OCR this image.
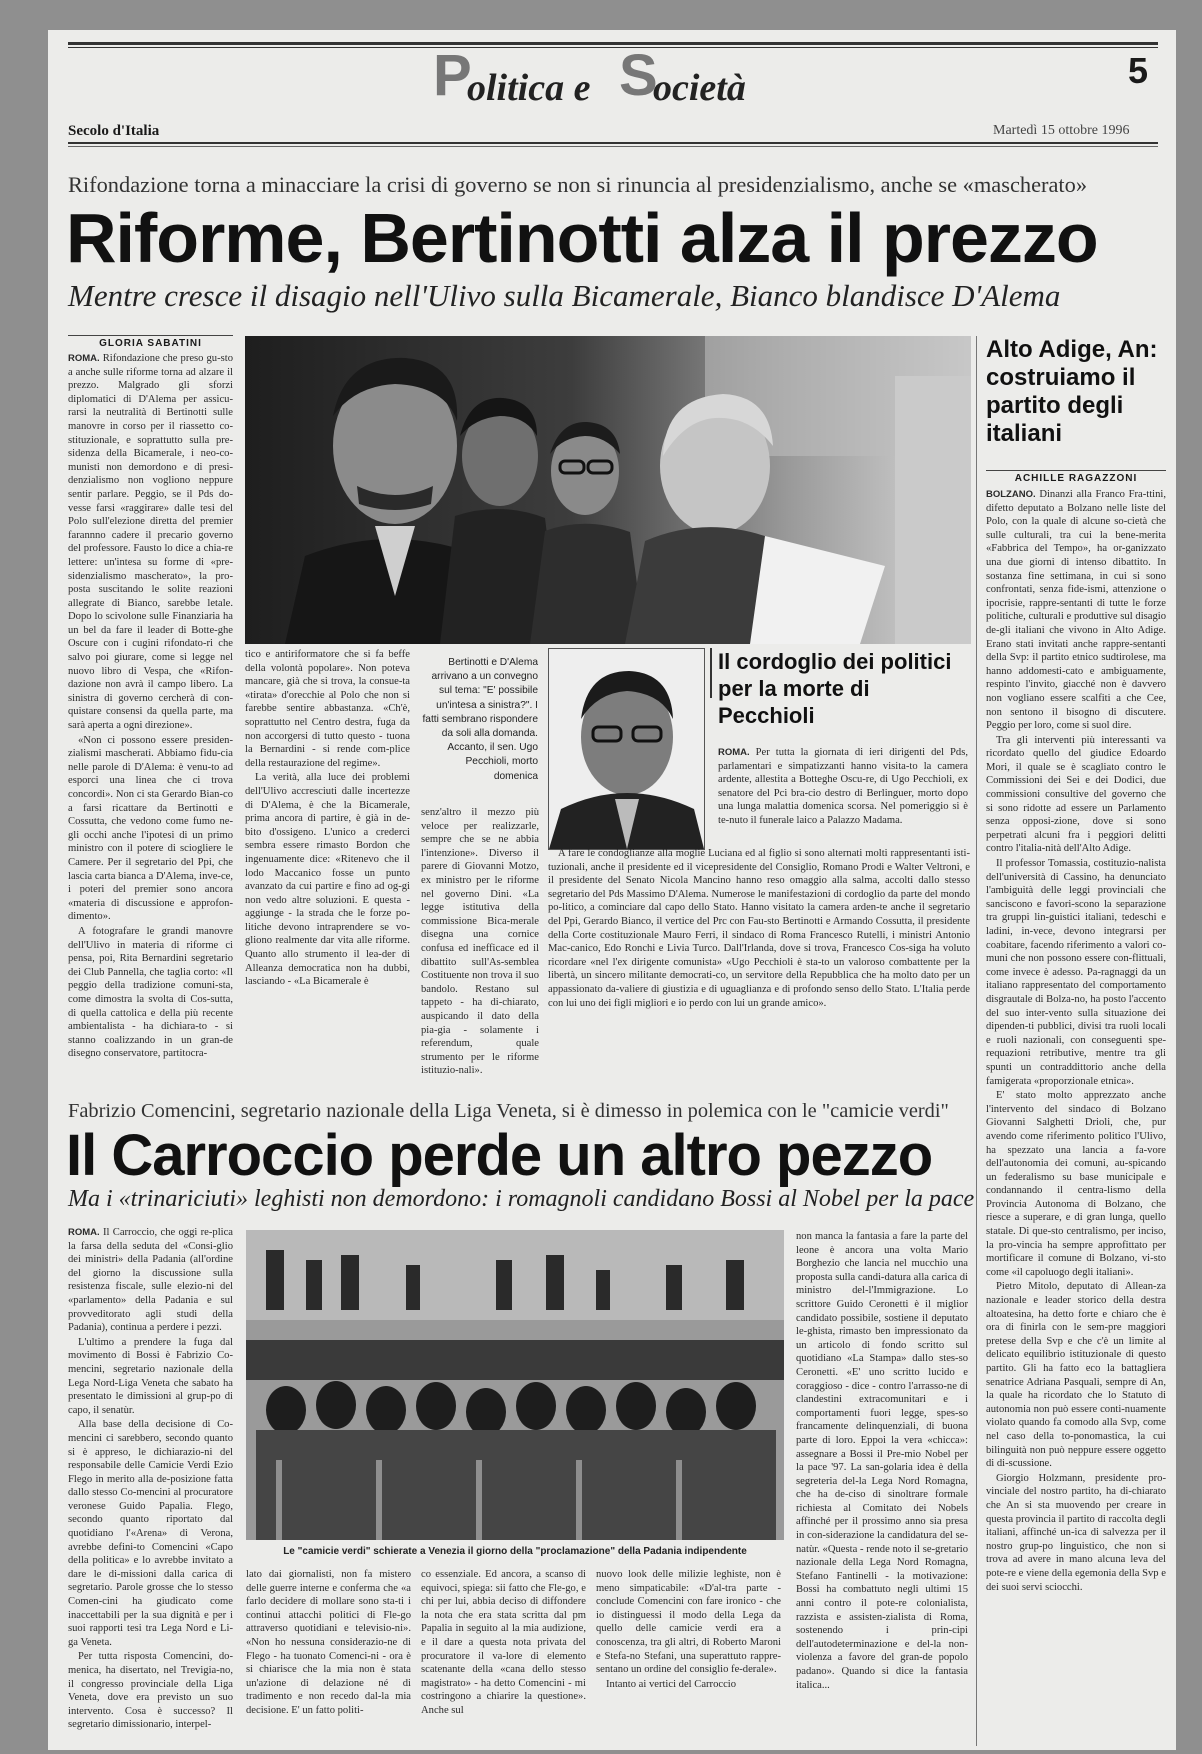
P
olitica e S
ocietà	5
Secolo d'Italia	Martedì 15 ottobre 1996
Rifondazione torna a minacciare la crisi di governo se non si rinuncia al presidenzialismo, anche se «mascherato»
Riforme, Bertinotti alza il prezzo
Mentre cresce il disagio nell'Ulivo sulla Bicamerale, Bianco blandisce D'Alema
GLORIA SABATINI

ROMA. Rifondazione che preso gu-sto a anche sulle riforme torna ad alzare il prezzo. Malgrado gli sforzi diplomatici di D'Alema per assicu-rarsi la neutralità di Bertinotti sulle manovre in corso per il riassetto co-stituzionale, e soprattutto sulla pre-sidenza della Bicamerale, i neo-co-munisti non demordono e di presi-denzialismo non vogliono neppure sentir parlare. Peggio, se il Pds do-vesse farsi «raggirare» dalle tesi del Polo sull'elezione diretta del premier farannno cadere il precario governo del professore. Fausto lo dice a chia-re lettere: un'intesa su forme di «pre-sidenzialismo mascherato», la pro-posta suscitando le solite reazioni allegrate di Bianco, sarebbe letale. Dopo lo scivolone sulle Finanziaria ha un bel da fare il leader di Botte-ghe Oscure con i cugini rifondato-ri che salvo poi giurare, come si legge nel nuovo libro di Vespa, che «Rifon-dazione non avrà il campo libero. La sinistra di governo cercherà di con-quistare consensi da quella parte, ma sarà aperta a ogni direzione».

«Non ci possono essere presiden-zialismi mascherati. Abbiamo fidu-cia nelle parole di D'Alema: è venu-to ad esporci una linea che ci trova concordi». Non ci sta Gerardo Bian-co a farsi ricattare da Bertinotti e Cossutta, che vedono come fumo ne-gli occhi anche l'ipotesi di un primo ministro con il potere di sciogliere le Camere. Per il segretario del Ppi, che lascia carta bianca a D'Alema, inve-ce, i poteri del premier sono ancora «materia di discussione e approfon-dimento».

A fotografare le grandi manovre dell'Ulivo in materia di riforme ci pensa, poi, Rita Bernardini segretario dei Club Pannella, che taglia corto: «Il peggio della tradizione comuni-sta, come dimostra la svolta di Cos-sutta, di quella cattolica e della più recente ambientalista - ha dichiara-to - si stanno coalizzando in un gran-de disegno conservatore, partitocra-

tico e antiriformatore che si fa beffe della volontà popolare». Non poteva mancare, già che si trova, la consue-ta «tirata» d'orecchie al Polo che non si farebbe sentire abbastanza. «Ch'è, soprattutto nel Centro destra, fuga da non accorgersi di tutto questo - tuona la Bernardini - si rende com-plice della restaurazione del regime».

La verità, alla luce dei problemi dell'Ulivo accresciuti dalle incertezze di D'Alema, è che la Bicamerale, prima ancora di partire, è già in de-bito d'ossigeno. L'unico a crederci sembra essere rimasto Bordon che ingenuamente dice: «Ritenevo che il lodo Maccanico fosse un punto avanzato da cui partire e fino ad og-gi non vedo altre soluzioni. E questa - aggiunge - la strada che le forze po-litiche devono intraprendere se vo-gliono realmente dar vita alle riforme. Quanto allo strumento il lea-der di Alleanza democratica non ha dubbi, lasciando - «La Bicamerale è

Bertinotti e D'Alema arrivano a un convegno sul tema: "E' possibile un'intesa a sinistra?". I fatti sembrano rispondere da soli alla domanda. Accanto, il sen. Ugo Pecchioli, morto domenica

senz'altro il mezzo più veloce per realizzarle, sempre che se ne abbia l'intenzione». Diverso il parere di Giovanni Motzo, ex ministro per le riforme nel governo Dini. «La legge istitutiva della commissione Bica-merale disegna una cornice confusa ed inefficace ed il dibattito sull'As-semblea Costituente non trova il suo bandolo. Restano sul tappeto - ha di-chiarato, auspicando il dato della pia-gia - solamente i referendum, quale strumento per le riforme istituzio-nali».

Il cordoglio dei politici per la morte di Pecchioli

ROMA. Per tutta la giornata di ieri dirigenti del Pds, parlamentari e simpatizzanti hanno visita-to la camera ardente, allestita a Botteghe Oscu-re, di Ugo Pecchioli, ex senatore del Pci bra-cio destro di Berlinguer, morto dopo una lunga malattia domenica scorsa. Nel pomeriggio si è te-nuto il funerale laico a Palazzo Madama.

A fare le condoglianze alla moglie Luciana ed al figlio si sono alternati molti rappresentanti isti-tuzionali, anche il presidente ed il vicepresidente del Consiglio, Romano Prodi e Walter Veltroni, e il presidente del Senato Nicola Mancino hanno reso omaggio alla salma, accolti dallo stesso segretario del Pds Massimo D'Alema. Numerose le manifestazioni di cordoglio da parte del mondo po-litico, a cominciare dal capo dello Stato. Hanno visitato la camera arden-te anche il segretario del Ppi, Gerardo Bianco, il vertice del Prc con Fau-sto Bertinotti e Armando Cossutta, il presidente della Corte costituzionale Mauro Ferri, il sindaco di Roma Francesco Rutelli, i ministri Antonio Mac-canico, Edo Ronchi e Livia Turco. Dall'Irlanda, dove si trova, Francesco Cos-siga ha voluto ricordare «nel l'ex dirigente comunista» «Ugo Pecchioli è sta-to un valoroso combattente per la libertà, un sincero militante democrati-co, un servitore della Repubblica che ha molto dato per un appassionato da-valiere di giustizia e di uguaglianza e di profondo senso dello Stato. L'Italia perde con lui uno dei figli migliori e io perdo con lui un grande amico».

Alto Adige, An: costruiamo il partito degli italiani
ACHILLE RAGAZZONI

BOLZANO. Dinanzi alla Franco Fra-ttini, difetto deputato a Bolzano nelle liste del Polo, con la quale di alcune so-cietà che sulle culturali, tra cui la bene-merita «Fabbrica del Tempo», ha or-ganizzato una due giorni di intenso dibattito. In sostanza fine settimana, in cui si sono confrontati, senza fide-ismi, attenzione o ipocrisie, rappre-sentanti di tutte le forze politiche, culturali e produttive sul disagio de-gli italiani che vivono in Alto Adige. Erano stati invitati anche rappre-sentanti della Svp: il partito etnico sudtirolese, ma hanno addomesti-cato e ambiguamente, respinto l'invito, giacché non è davvero non vogliano essere scalfiti a che Cee, non sentono il bisogno di discutere. Peggio per loro, come si suol dire.

Tra gli interventi più interessanti va ricordato quello del giudice Edoardo Mori, il quale se è scagliato contro le Commissioni dei Sei e dei Dodici, due commissioni consultive del governo che si sono ridotte ad essere un Parlamento senza opposi-zione, dove si sono perpetrati alcuni fra i peggiori delitti contro l'italia-nità dell'Alto Adige.

Il professor Tomassia, costituzio-nalista dell'università di Cassino, ha denunciato l'ambiguità delle leggi provinciali che sanciscono e favori-scono la separazione tra gruppi lin-guistici italiani, tedeschi e ladini, in-vece, devono integrarsi per coabitare, facendo riferimento a valori co-muni che non possono essere con-flittuali, come invece è adesso. Pa-ragnaggi da un italiano rappresentato del comportamento disgrautale di Bolza-no, ha posto l'accento del suo inter-vento sulla situazione dei dipenden-ti pubblici, divisi tra ruoli locali e ruoli nazionali, con conseguenti spe-requazioni retributive, mentre tra gli spunti un contraddittorio anche della famigerata «proporzionale etnica».

E' stato molto apprezzato anche l'intervento del sindaco di Bolzano Giovanni Salghetti Drioli, che, pur avendo come riferimento politico l'Ulivo, ha spezzato una lancia a fa-vore dell'autonomia dei comuni, au-spicando un federalismo su base municipale e condannando il centra-lismo della Provincia Autonoma di Bolzano, che riesce a superare, e di gran lunga, quello statale. Di que-sto centralismo, per inciso, la pro-vincia ha sempre approfittato per mortificare il comune di Bolzano, vi-sto come «il capoluogo degli italiani».

Pietro Mitolo, deputato di Allean-za nazionale e leader storico della destra altoatesina, ha detto forte e chiaro che è ora di finirla con le sem-pre maggiori pretese della Svp e che c'è un limite al delicato equilibrio istituzionale di questo partito. Gli ha fatto eco la battagliera senatrice Adriana Pasquali, sempre di An, la quale ha ricordato che lo Statuto di autonomia non può essere conti-nuamente violato quando fa comodo alla Svp, come nel caso della to-ponomastica, la cui bilinguità non può neppure essere oggetto di di-scussione.

Giorgio Holzmann, presidente pro-vinciale del nostro partito, ha di-chiarato che An si sta muovendo per creare in questa provincia il partito di raccolta degli italiani, affinché un-ica di salvezza per il nostro grup-po linguistico, che non si trova ad avere in mano alcuna leva del pote-re e viene della egemonia della Svp e dei suoi servi sciocchi.

Fabrizio Comencini, segretario nazionale della Liga Veneta, si è dimesso in polemica con le "camicie verdi"
Il Carroccio perde un altro pezzo
Ma i «trinariciuti» leghisti non demordono: i romagnoli candidano Bossi al Nobel per la pace

ROMA. Il Carroccio, che oggi re-plica la farsa della seduta del «Consi-glio dei ministri» della Padania (all'ordine del giorno la discussione sulla resistenza fiscale, sulle elezio-ni del «parlamento» della Padania e sul provveditorato agli studi della Padania), continua a perdere i pezzi.

L'ultimo a prendere la fuga dal movimento di Bossi è Fabrizio Co-mencini, segretario nazionale della Lega Nord-Liga Veneta che sabato ha presentato le dimissioni al grup-po di capo, il senatùr.

Alla base della decisione di Co-mencini ci sarebbero, secondo quanto si è appreso, le dichiarazio-ni del responsabile delle Camicie Verdi Ezio Flego in merito alla de-posizione fatta dallo stesso Co-mencini al procuratore veronese Guido Papalia. Flego, secondo quanto riportato dal quotidiano l'«Arena» di Verona, avrebbe defini-to Comencini «Capo della politica» e lo avrebbe invitato a dare le di-missioni dalla carica di segretario. Parole grosse che lo stesso Comen-cini ha giudicato come inaccettabili per la sua dignità e per i suoi rapporti tesi tra Lega Nord e Li-ga Veneta.

Per tutta risposta Comencini, do-menica, ha disertato, nel Trevigia-no, il congresso provinciale della Liga Veneta, dove era previsto un suo intervento. Cosa è successo? Il segretario dimissionario, interpel-

Le "camicie verdi" schierate a Venezia il giorno della "proclamazione" della Padania indipendente

lato dai giornalisti, non fa mistero delle guerre interne e conferma che «a farlo decidere di mollare sono sta-ti i continui attacchi politici di Fle-go attraverso quotidiani e televisio-ni». «Non ho nessuna considerazio-ne di Flego - ha tuonato Comenci-ni - ora è si chiarisce che la mia non è stata un'azione di delazione né di tradimento e non recedo dal-la mia decisione. E' un fatto politi-

co essenziale. Ed ancora, a scanso di equivoci, spiega: sii fatto che Fle-go, e chi per lui, abbia deciso di diffondere la nota che era stata scritta dal pm Papalia in seguito al la mia audizione, e il dare a questa nota privata del procuratore il va-lore di elemento scatenante della «cana dello stesso magistrato» - ha detto Comencini - mi costringono a chiarire la questione». Anche sul

nuovo look delle milizie leghiste, non è meno simpaticabile: «D'al-tra parte - conclude Comencini con fare ironico - che io distinguessi il modo della Lega da quello delle camicie verdi era a conoscenza, tra gli altri, di Roberto Maroni e Stefa-no Stefani, una superattuto rappre-sentano un ordine del consiglio fe-derale».

Intanto ai vertici del Carroccio

non manca la fantasia a fare la parte del leone è ancora una volta Mario Borghezio che lancia nel mucchio una proposta sulla candi-datura alla carica di ministro del-l'Immigrazione. Lo scrittore Guido Ceronetti è il miglior candidato possibile, sostiene il deputato le-ghista, rimasto ben impressionato da un articolo di fondo scritto sul quotidiano «La Stampa» dallo stes-so Ceronetti. «E' uno scritto lucido e coraggioso - dice - contro l'arrasso-ne di clandestini extracomunitari e i comportamenti fuori legge, spes-so francamente delinquenziali, di buona parte di loro. Eppoi la vera «chicca»: assegnare a Bossi il Pre-mio Nobel per la pace '97. La san-golaria idea è della segreteria del-la Lega Nord Romagna, che ha de-ciso di sinoltrare formale richiesta al Comitato dei Nobels affinché per il prossimo anno sia presa in con-siderazione la candidatura del se-natùr. «Questa - rende noto il se-gretario nazionale della Lega Nord Romagna, Stefano Fantinelli - la motivazione: Bossi ha combattuto negli ultimi 15 anni contro il pote-re colonialista, razzista e assisten-zialista di Roma, sostenendo i prin-cipi dell'autodeterminazione e del-la non-violenza a favore del gran-de popolo padano». Quando si dice la fantasia italica...
